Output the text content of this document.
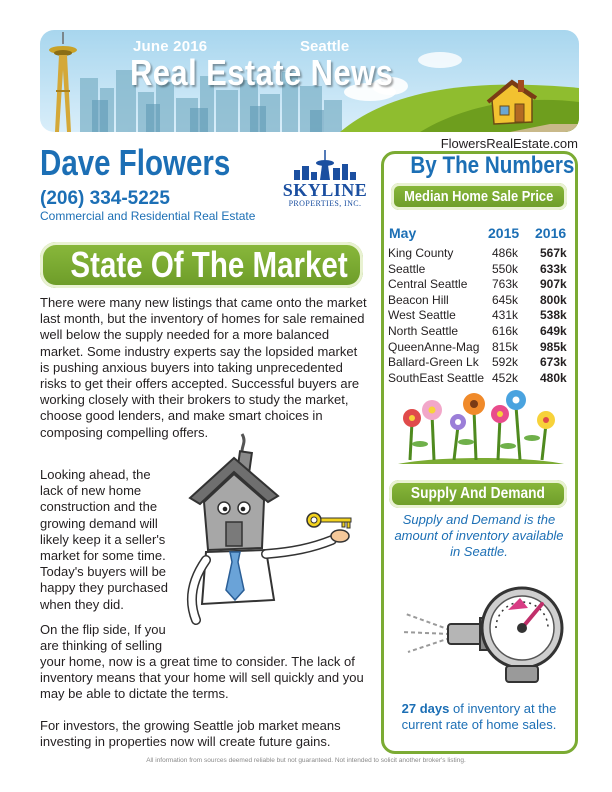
June 2016	Seattle
Real Estate News
FlowersRealEstate.com
Dave Flowers
(206) 334-5225
Commercial and Residential Real Estate
SKYLINE
PROPERTIES, INC.
State Of The Market
There were many new listings that came onto the market last month, but the inventory of homes for sale remained well below the supply needed for a more balanced market. Some industry experts say the lopsided market is pushing anxious buyers into taking unprecedented risks to get their offers accepted. Successful buyers are working closely with their brokers to study the market, choose good lenders, and make smart choices in composing compelling offers.
Looking ahead, the lack of new home construction and the growing demand will likely keep it a seller's market for some time. Today's buyers will be happy they purchased when they did.
On the flip side, If you are thinking of selling
your home, now is a great time to consider. The lack of inventory means that your home will sell quickly and you may be able to dictate the terms.
For investors, the growing Seattle job market means investing in properties now will create future gains.
By The Numbers
Median Home Sale Price
May	2015 2016
King County	486k 567k
Seattle	550k 633k
Central Seattle 763k 907k
Beacon Hill	645k 800k
West Seattle	431k 538k
North Seattle	616k 649k
QueenAnne-Mag 815k 985k
Ballard-Green Lk 592k 673k
SouthEast Seattle 452k 480k
Supply And Demand
Supply and Demand is the amount of inventory available in Seattle.
27 days of inventory at the current rate of home sales.
All information from sources deemed reliable but not guaranteed. Not intended to solicit another broker's listing.
